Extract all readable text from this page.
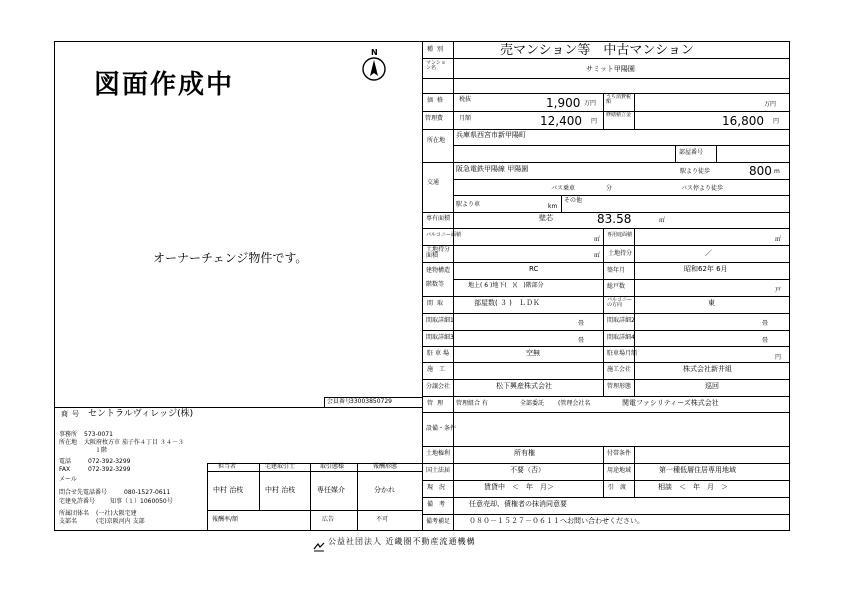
図面作成中
N
オーナーチェンジ物件です。
会員番号
33003850729
商号 セントラルヴィレッジ(株)
事務所 573-0071
所在地 大阪府枚方市 茄子作４丁目 ３４－３
１階
電話	072-392-3299
FAX	072-392-3299
メール
問合せ先電話番号	080-1527-0611
宅建免許番号 知事（１）1060050号
所属団体名 (一社)大阪宅建
支部名	(宅)京阪河内 支部
担当者	宅建取引士	取引態様	報酬形態
中村 治枝	中村 治枝	専任媒介	分かれ
報酬率/額	広告	不可
種別	売マンション等　中古マンション
マンション名	サミット甲陽園
価格 税抜	1,900 万円
うち消費税額	万円
管理費	月額	12,400 円
修繕積立金	16,800 円
所在地
兵庫県西宮市新甲陽町
部屋番号
交通
阪急電鉄甲陽線 甲陽園	駅より徒歩	800 m
バス乗車	分	バス停より徒歩
駅より車	km
その他
専有面積	壁芯	83.58	㎡
バルコニー面積
㎡
専用庭面積
㎡
土地持分面積	㎡ 土地持分	／
建物構造	RC	築年月	昭和62年 6月
階数等	地上( 6 )地下(　)(　)階部分	総戸数
戸
間取	部屋数( ３ )　ＬＤＫ	バルコニーの方向	東
間取詳細1	畳	間取詳細2	畳
間取詳細3	畳	間取詳細4	畳
駐車場	空無	駐車場月額
円
施工	施工会社	株式会社新井組
分譲会社	松下興産株式会社	管理形態	巡回
管理 管理組合 有	全部委託 (管理会社名	関電ファシリティーズ株式会社
設備・条件
土地権利	所有権	付帯条件
国土法届	不要（否）	用途地域	第一種低層住居専用地域
現況	賃貸中　＜　年　月＞	引渡	相談　＜　年　月　＞
備考	任意売却、債権者の抹消同意要
備考補足	０８０－１５２７－０６１１へお問い合わせください。
公益社団法人 近畿圏不動産流通機構
